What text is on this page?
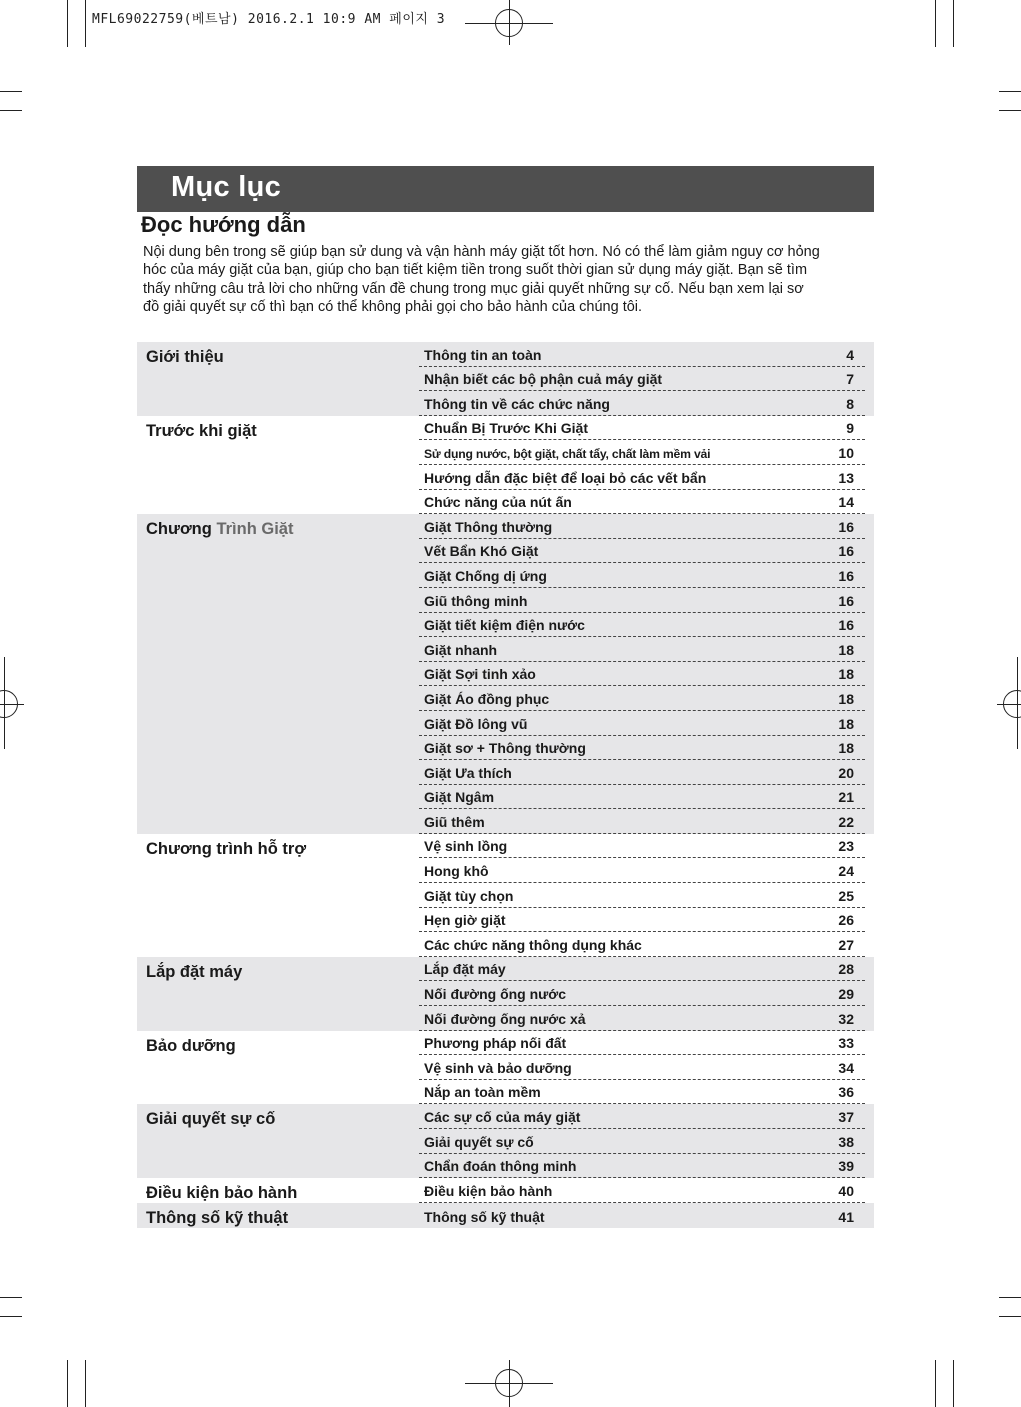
MFL69022759(베트남) 2016.2.1 10:9 AM 페이지 3
Mục lục
Đọc hướng dẫn
Nội dung bên trong sẽ giúp bạn sử dung và vận hành máy giặt tốt hơn. Nó có thể làm giảm nguy cơ hỏng hóc của máy giặt của bạn, giúp cho bạn tiết kiệm tiền trong suốt thời gian sử dụng máy giặt. Bạn sẽ tìm thấy những câu trả lời cho những vấn đề chung trong mục giải quyết những sự cố. Nếu bạn xem lại sơ đồ giải quyết sự cố thì bạn có thể không phải gọi cho bảo hành của chúng tôi.
Giới thiệu	Thông tin an toàn	4
Nhận biết các bộ phận cuả máy giặt	7
Thông tin về các chức năng	8
Trước khi giặt	Chuẩn Bị Trước Khi Giặt	9
Sử dụng nước, bột giặt, chất tẩy, chất làm mềm vải	10
Hướng dẫn đặc biệt để loại bỏ các vết bẩn	13
Chức năng của nút ấn	14
Chương Trình Giặt	Giặt Thông thường	16
Vết Bẩn Khó Giặt	16
Giặt Chống dị ứng	16
Giũ thông minh	16
Giặt tiết kiệm điện nước	16
Giặt nhanh	18
Giặt Sợi tinh xảo	18
Giặt Áo đồng phục	18
Giặt Đồ lông vũ	18
Giặt sơ + Thông thường	18
Giặt Ưa thích	20
Giặt Ngâm	21
Giũ thêm	22
Chương trình hỗ trợ	Vệ sinh lồng	23
Hong khô	24
Giặt tùy chọn	25
Hẹn giờ giặt	26
Các chức năng thông dụng khác	27
Lắp đặt máy	Lắp đặt máy	28
Nối đường ống nước	29
Nối đường ống nước xả	32
Bảo dưỡng	Phương pháp nối đất	33
Vệ sinh và bảo dưỡng	34
Nắp an toàn mềm	36
Giải quyết sự cố	Các sự cố của máy giặt	37
Giải quyết sự cố	38
Chẩn đoán thông minh	39
Điều kiện bảo hành	Điều kiện bảo hành	40
Thông số kỹ thuật	Thông số kỹ thuật	41
